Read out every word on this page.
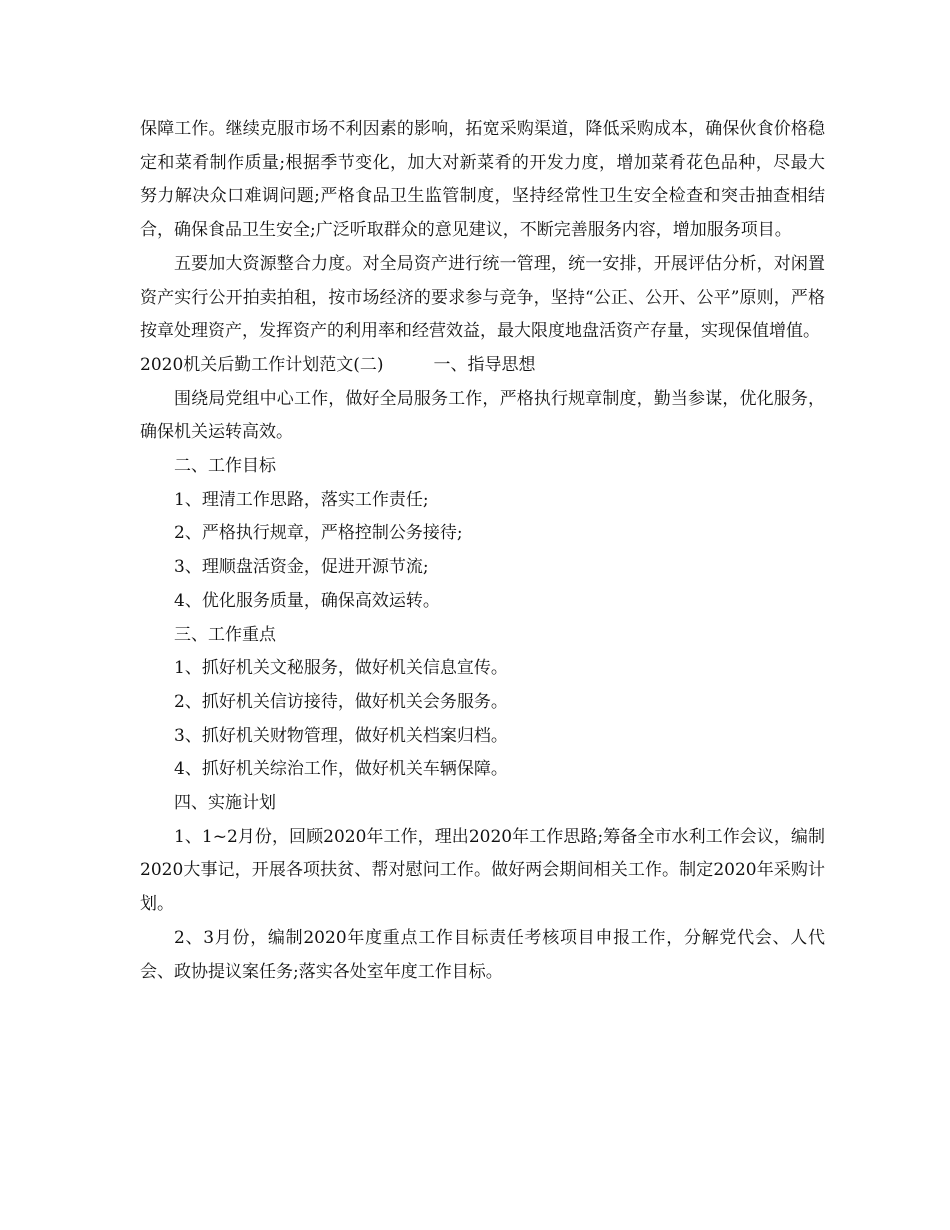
保障工作。继续克服市场不利因素的影响，拓宽采购渠道，降低采购成本，确保伙食价格稳定和菜肴制作质量;根据季节变化，加大对新菜肴的开发力度，增加菜肴花色品种，尽最大努力解决众口难调问题;严格食品卫生监管制度，坚持经常性卫生安全检查和突击抽查相结合，确保食品卫生安全;广泛听取群众的意见建议，不断完善服务内容，增加服务项目。

五要加大资源整合力度。对全局资产进行统一管理，统一安排，开展评估分析，对闲置资产实行公开拍卖拍租，按市场经济的要求参与竞争，坚持“公正、公开、公平”原则，严格按章处理资产，发挥资产的利用率和经营效益，最大限度地盘活资产存量，实现保值增值。

2020机关后勤工作计划范文(二)	一、指导思想

围绕局党组中心工作，做好全局服务工作，严格执行规章制度，勤当参谋，优化服务，确保机关运转高效。

二、工作目标

1、理清工作思路，落实工作责任;

2、严格执行规章，严格控制公务接待;

3、理顺盘活资金，促进开源节流;

4、优化服务质量，确保高效运转。

三、工作重点

1、抓好机关文秘服务，做好机关信息宣传。

2、抓好机关信访接待，做好机关会务服务。

3、抓好机关财物管理，做好机关档案归档。

4、抓好机关综治工作，做好机关车辆保障。

四、实施计划

1、1~2月份，回顾2020年工作，理出2020年工作思路;筹备全市水利工作会议，编制2020大事记，开展各项扶贫、帮对慰问工作。做好两会期间相关工作。制定2020年采购计划。

2、3月份，编制2020年度重点工作目标责任考核项目申报工作，分解党代会、人代会、政协提议案任务;落实各处室年度工作目标。
